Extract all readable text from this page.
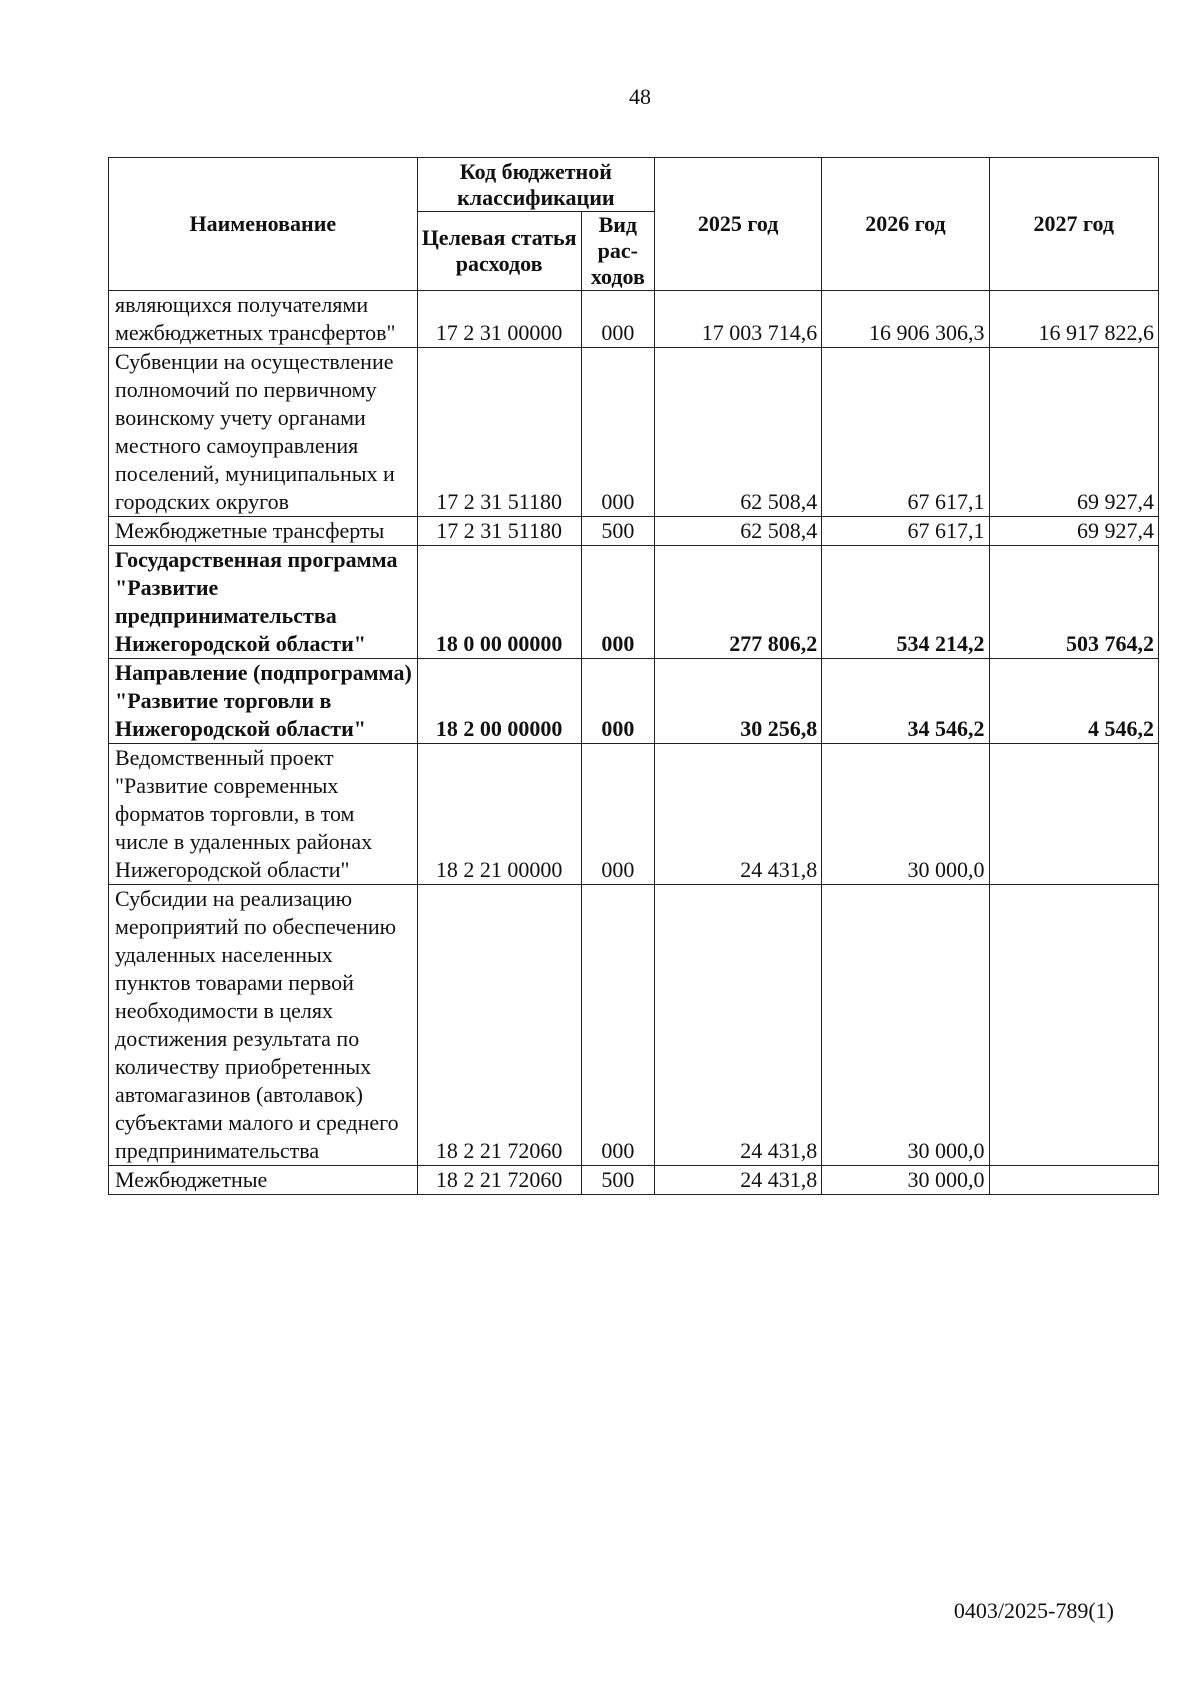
48
Наименование	Код бюджетной классификации		2025 год	2026 год	2027 год
	Целевая статья расходов	Вид рас-ходов			
являющихся получателями межбюджетных трансфертов"	17 2 31 00000	000	17 003 714,6	16 906 306,3	16 917 822,6
Субвенции на осуществление полномочий по первичному воинскому учету органами местного самоуправления поселений, муниципальных и городских округов	17 2 31 51180	000	62 508,4	67 617,1	69 927,4
Межбюджетные трансферты	17 2 31 51180	500	62 508,4	67 617,1	69 927,4
Государственная программа "Развитие предпринимательства Нижегородской области"	18 0 00 00000	000	277 806,2	534 214,2	503 764,2
Направление (подпрограмма) "Развитие торговли в Нижегородской области"	18 2 00 00000	000	30 256,8	34 546,2	4 546,2
Ведомственный проект "Развитие современных форматов торговли, в том числе в удаленных районах Нижегородской области"	18 2 21 00000	000	24 431,8	30 000,0	
Субсидии на реализацию мероприятий по обеспечению удаленных населенных пунктов товарами первой необходимости в целях достижения результата по количеству приобретенных автомагазинов (автолавок) субъектами малого и среднего предпринимательства	18 2 21 72060	000	24 431,8	30 000,0	
Межбюджетные	18 2 21 72060	500	24 431,8	30 000,0	
0403/2025-789(1)
